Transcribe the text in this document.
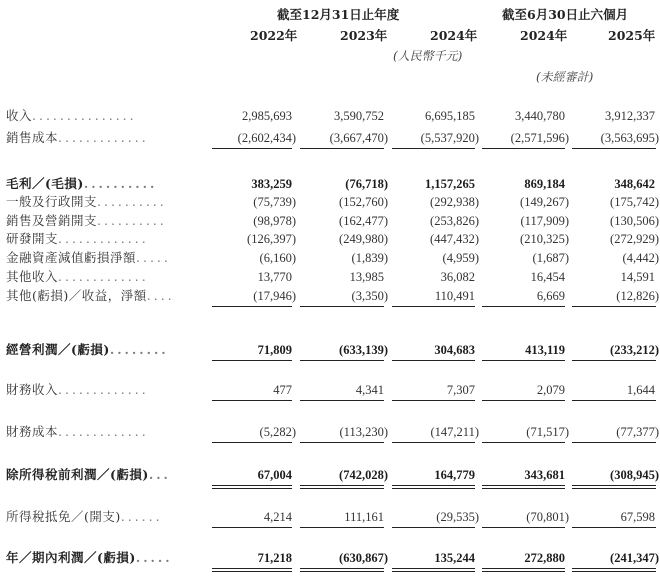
截至12月31日止年度	截至6月30日止六個月
2022年	2023年	2024年	2024年	2025年
(人民幣千元)
(未經審計)
收入...............	2,985,693	3,590,752	6,695,185	3,440,780	3,912,337
銷售成本.............	(2,602,434)	(3,667,470)	(5,537,920)	(2,571,596)	(3,563,695)
毛利／(毛損)..........	383,259	(76,718)	1,157,265	869,184	348,642
一般及行政開支..........	(75,739)	(152,760)	(292,938)	(149,267)	(175,742)
銷售及營銷開支..........	(98,978)	(162,477)	(253,826)	(117,909)	(130,506)
研發開支.............	(126,397)	(249,980)	(447,432)	(210,325)	(272,929)
金融資產減值虧損淨額.....	(6,160)	(1,839)	(4,959)	(1,687)	(4,442)
其他收入.............	13,770	13,985	36,082	16,454	14,591
其他(虧損)／收益，淨額....	(17,946)	(3,350)	110,491	6,669	(12,826)
經營利潤／(虧損)........	71,809	(633,139)	304,683	413,119	(233,212)
財務收入.............	477	4,341	7,307	2,079	1,644
財務成本.............	(5,282)	(113,230)	(147,211)	(71,517)	(77,377)
除所得稅前利潤／(虧損)...	67,004	(742,028)	164,779	343,681	(308,945)
所得稅抵免／(開支)......	4,214	111,161	(29,535)	(70,801)	67,598
年／期內利潤／(虧損).....	71,218	(630,867)	135,244	272,880	(241,347)
